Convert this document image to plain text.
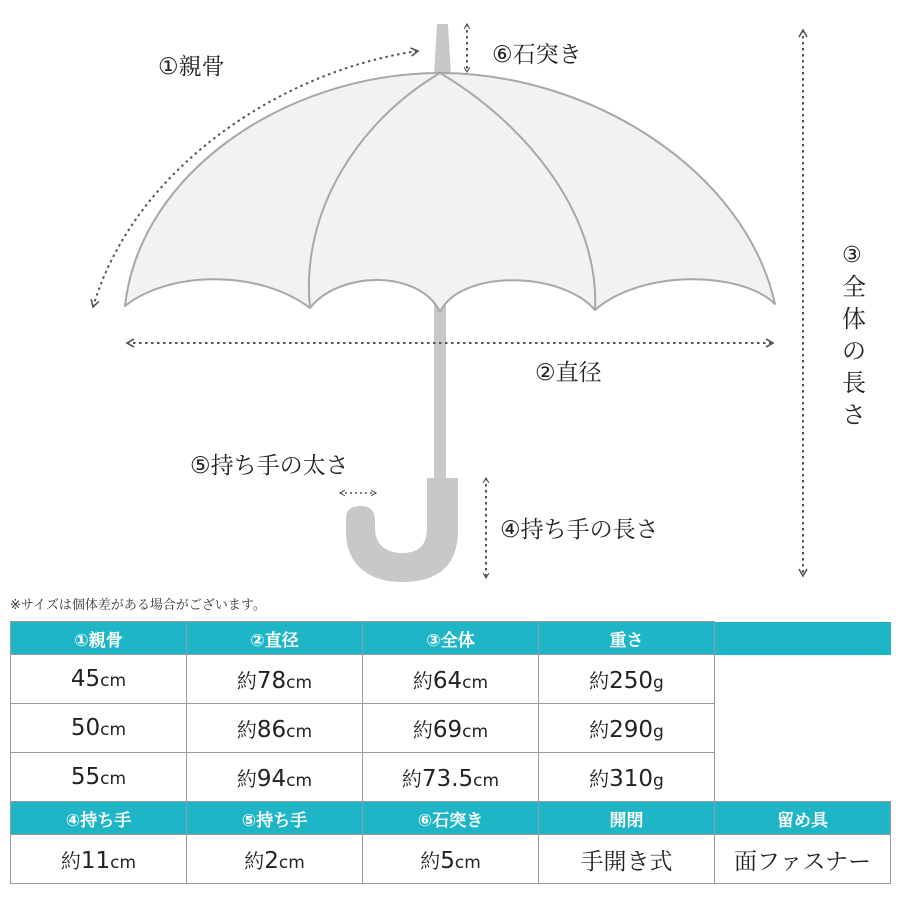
①親骨	⑥石突き
②直径
③
全
体
の
長
さ
⑤持ち手の太さ
④持ち手の長さ
※サイズは個体差がある場合がございます。
①親骨	②直径	③全体	重さ	
45cm	約78cm	約64cm	約250g	
50cm	約86cm	約69cm	約290g	
55cm	約94cm	約73.5cm	約310g	
④持ち手	⑤持ち手	⑥石突き	開閉	留め具
約11cm	約2cm	約5cm	手開き式	面ファスナー
